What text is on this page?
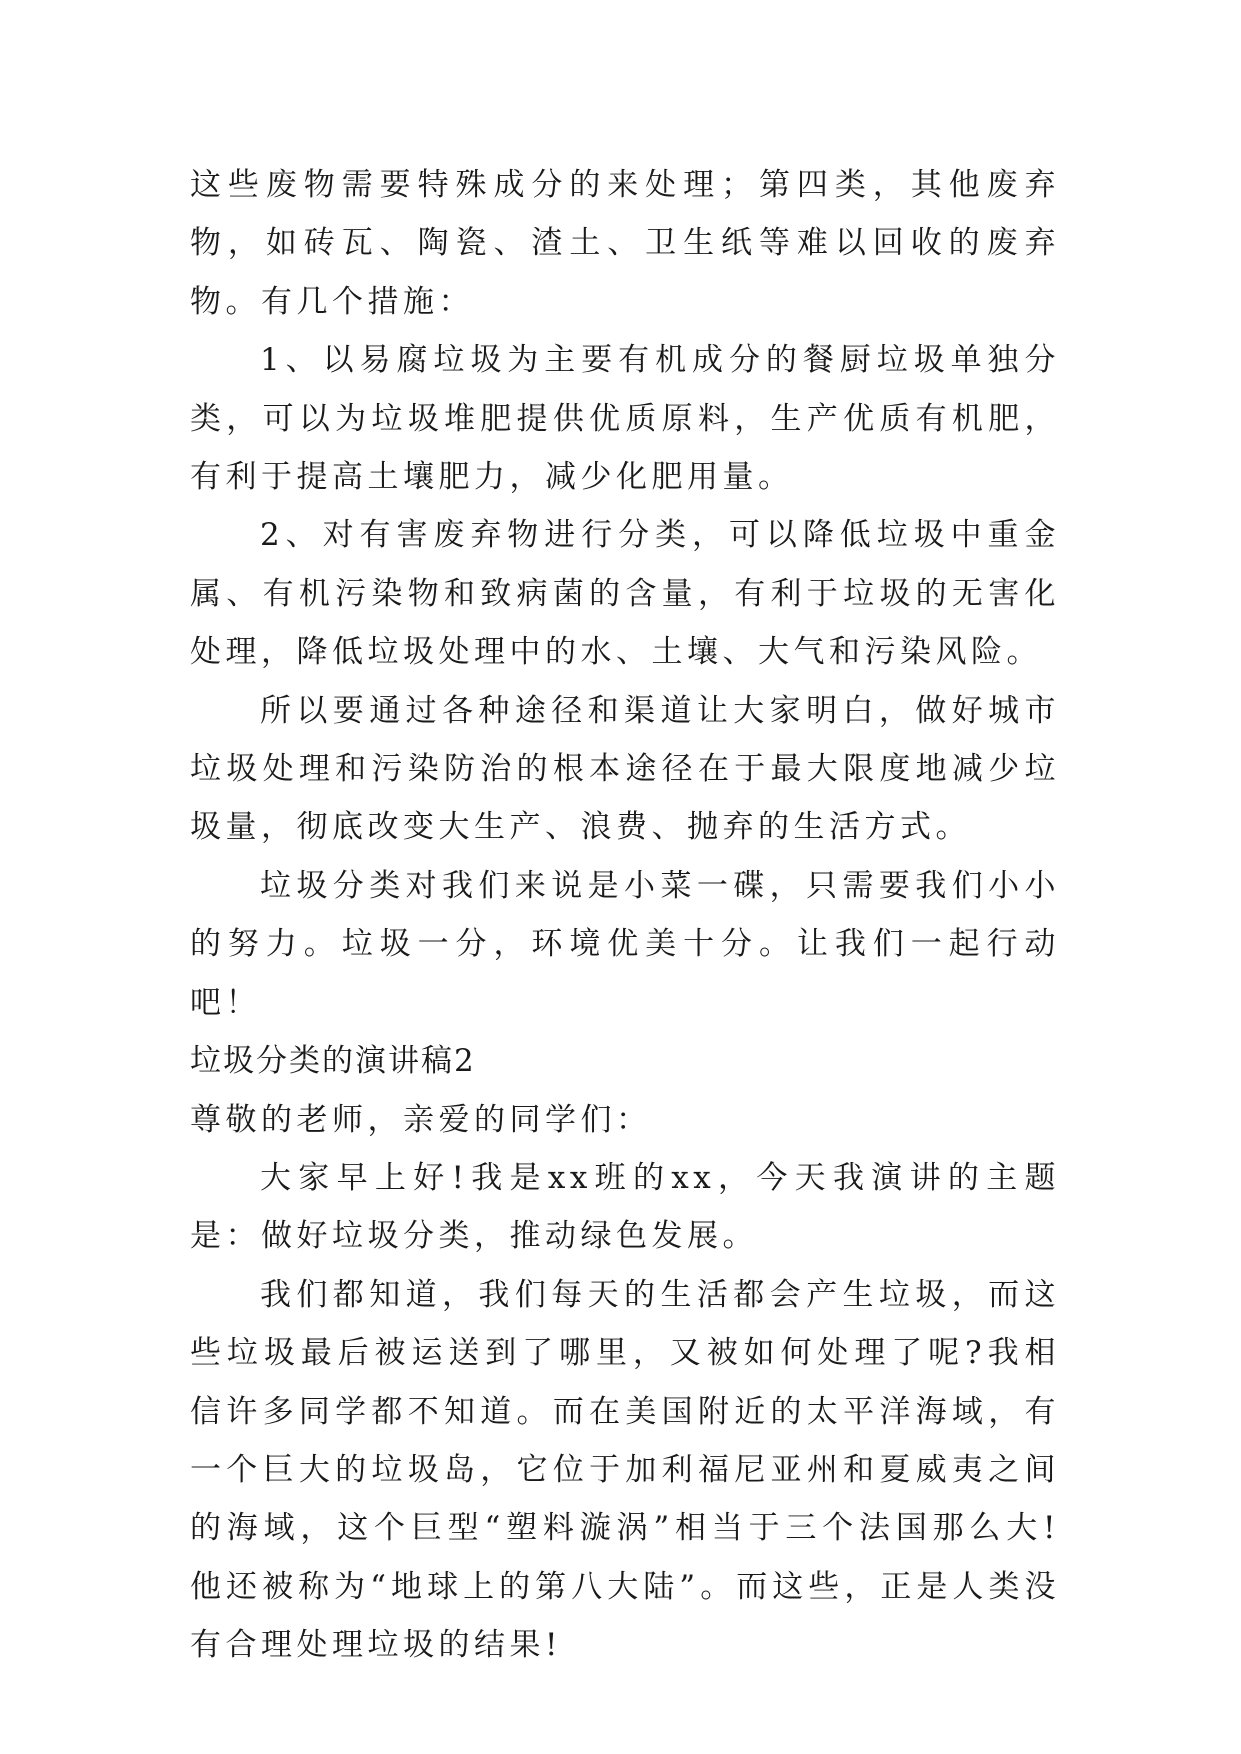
这些废物需要特殊成分的来处理；第四类，其他废弃物，如砖瓦、陶瓷、渣土、卫生纸等难以回收的废弃物。有几个措施：

1、以易腐垃圾为主要有机成分的餐厨垃圾单独分类，可以为垃圾堆肥提供优质原料，生产优质有机肥，有利于提高土壤肥力，减少化肥用量。

2、对有害废弃物进行分类，可以降低垃圾中重金属、有机污染物和致病菌的含量，有利于垃圾的无害化处理，降低垃圾处理中的水、土壤、大气和污染风险。

所以要通过各种途径和渠道让大家明白，做好城市垃圾处理和污染防治的根本途径在于最大限度地减少垃圾量，彻底改变大生产、浪费、抛弃的生活方式。

垃圾分类对我们来说是小菜一碟，只需要我们小小的努力。垃圾一分，环境优美十分。让我们一起行动吧！

垃圾分类的演讲稿2

尊敬的老师，亲爱的同学们：

大家早上好!我是xx班的xx，今天我演讲的主题是：做好垃圾分类，推动绿色发展。

我们都知道，我们每天的生活都会产生垃圾，而这些垃圾最后被运送到了哪里，又被如何处理了呢?我相信许多同学都不知道。而在美国附近的太平洋海域，有一个巨大的垃圾岛，它位于加利福尼亚州和夏威夷之间的海域，这个巨型“塑料漩涡”相当于三个法国那么大!他还被称为“地球上的第八大陆”。而这些，正是人类没有合理处理垃圾的结果!
